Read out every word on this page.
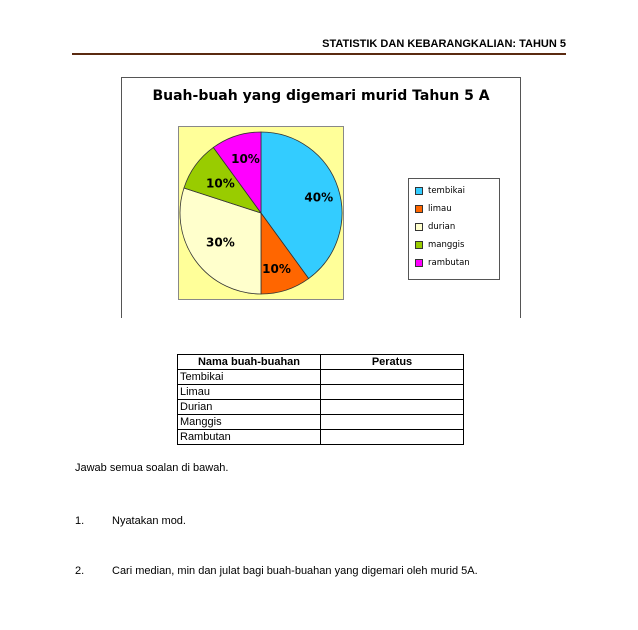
STATISTIK DAN KEBARANGKALIAN: TAHUN 5
Buah-buah yang digemari murid Tahun 5 A
40%
10%
30%
10%
10%
tembikai
limau
durian
manggis
rambutan
Nama buah-buahan	Peratus
Tembikai	
Limau	
Durian	
Manggis	
Rambutan	
Jawab semua soalan di bawah.
1.	Nyatakan mod.
2.	Cari median, min dan julat bagi buah-buahan yang digemari oleh murid 5A.
